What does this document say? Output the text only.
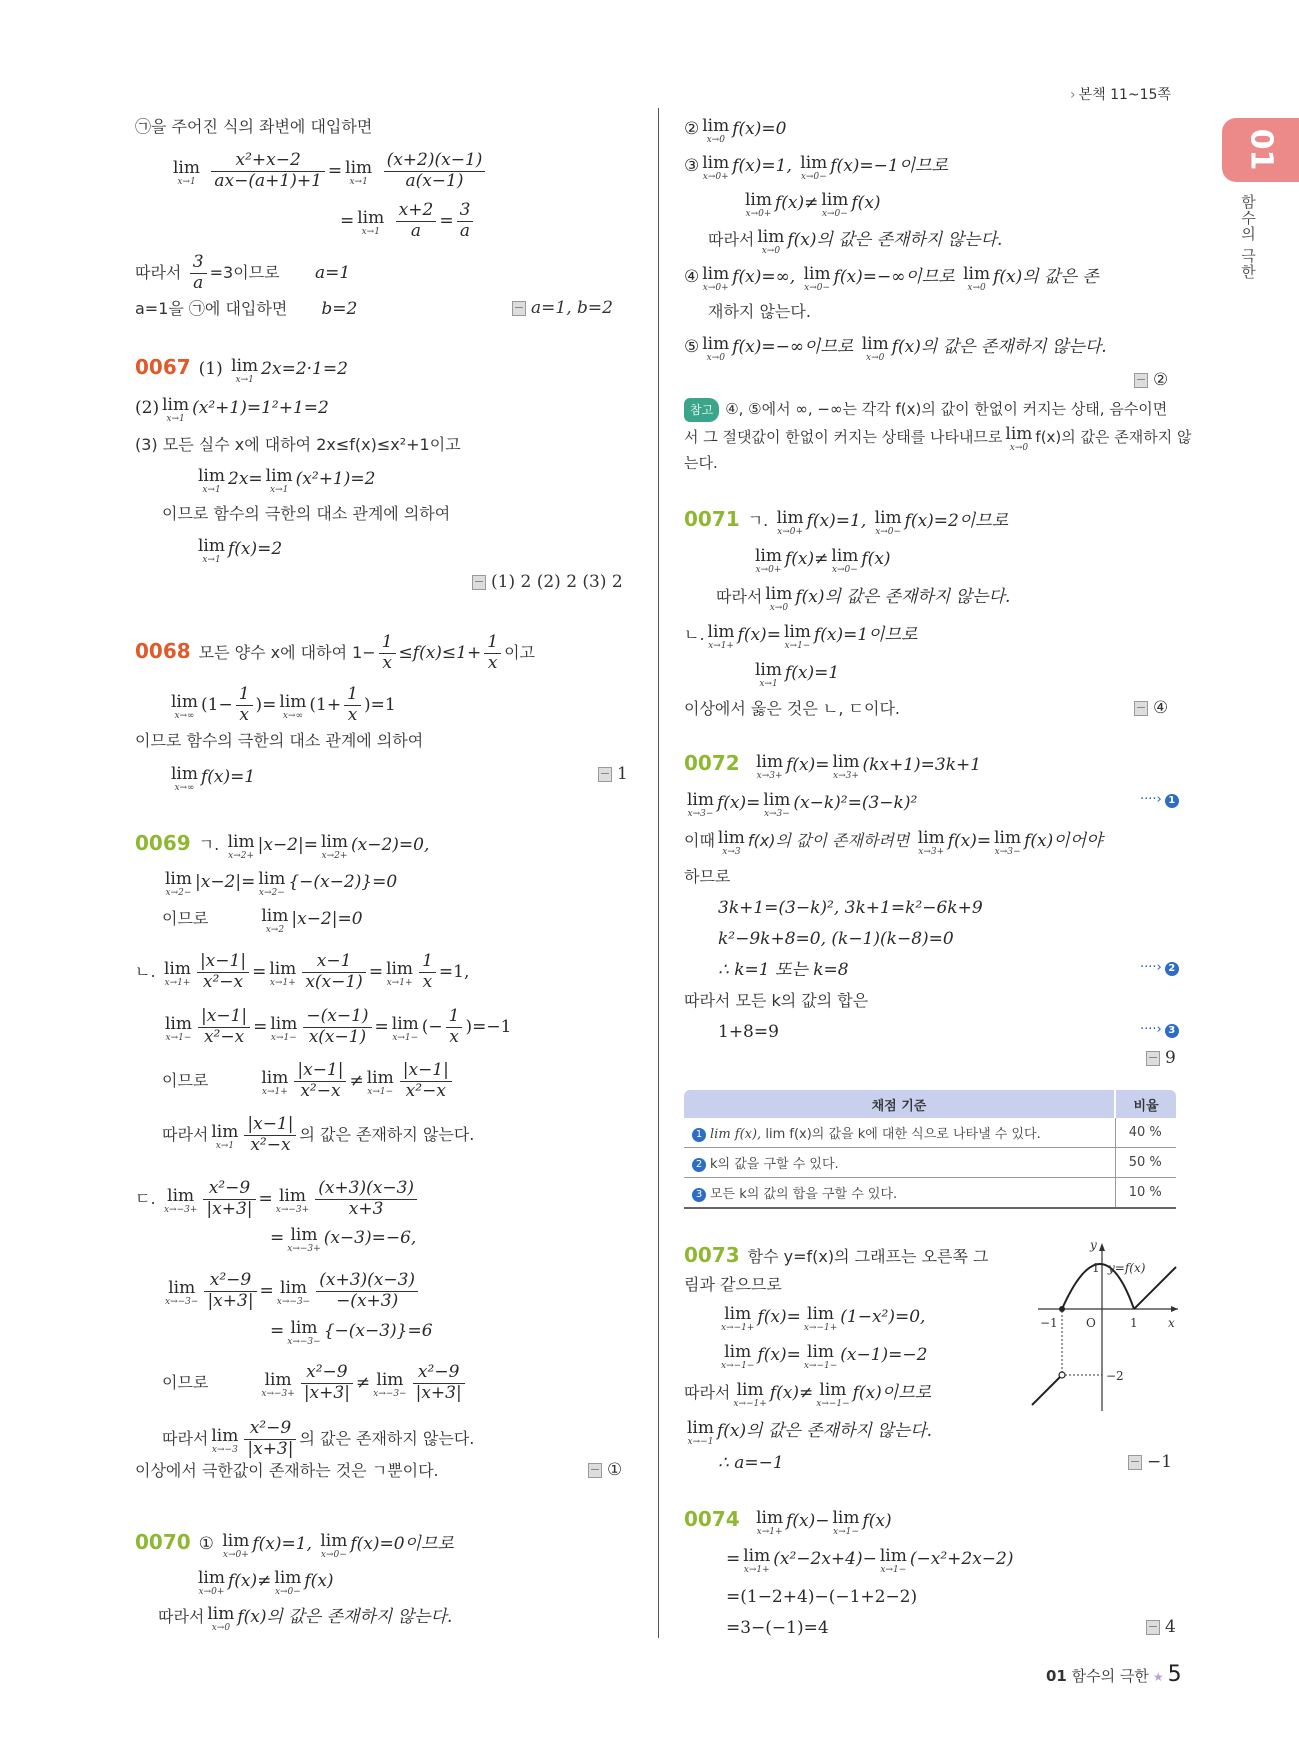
› 본책 11~15쪽
01
함수의 극한
㉠을 주어진 식의 좌변에 대입하면
lim
x→1
$\frac{\text{x²+x−2}}{ax-(a+1)+1} = \lim$
x→1
$\frac{(x+2)(x-1)}{a(x-1)}$
= lim
x→1
$\frac{x+2}{a} = \frac{3}{a}$
따라서 $\frac{3}{a} =3$이므로 a=1
a=1을 ㉠에 대입하면 b=2	a=1, b=2
0067 (1) lim
x→1
2x=2·1=2
(2) lim
x→1
(x²+1)=1²+1=2
(3) 모든 실수 x에 대하여 2x≤f(x)≤x²+1이고
lim
x→1
2x= lim
x→1
(x²+1)=2
이므로 함수의 극한의 대소 관계에 의하여
lim
x→1
f(x)=2
(1) 2 (2) 2 (3) 2
0068 모든 양수 x에 대하여 $1- \frac{1}{x} \le f(x)\le 1+ \frac{1}{x}$ 이고
lim
x→∞
($1- \frac{1}{x}$ )= lim
x→∞
$(1+ \frac{1}{x} )=1$
이므로 함수의 극한의 대소 관계에 의하여
lim
x→∞
f(x)=1	1
0069 ㄱ. lim
x→2+
|x−2|= lim
x→2+
(x−2)=0,
lim
x→2−
|x−2|= lim
x→2−
{−(x−2)}=0
이므로	lim
x→2
|x−2|=0
ㄴ. lim
$x\to 1+ \frac{|x-1|}{\text{x²−x}} = \lim$
$x\to 1+ \frac{x-1}{x(x-1)} = \lim$
$x\to 1+ \frac{1}{x} =1$,
lim
$x\to 1- \frac{|x-1|}{\text{x²−x}} = \lim$
$x\to 1- \frac{-(x-1)}{x(x-1)} = \lim$
x→1−
(− $\frac{1}{x} )=-1$
이므로	lim
$x\to 1+ \frac{|x-1|}{\text{x²−x}} \ne \lim$
$x\to 1- \frac{|x-1|}{\text{x²−x}}$
따라서 lim
$x\to 1 \frac{|x-1|}{\text{x²−x}}$ 의 값은 존재하지 않는다.
ㄷ. lim
$x\to-3+ \frac{\text{x²−9}}{|x+3|} = \lim$
$x\to-3+ \frac{(x+3)(x-3)}{x+3}$
= lim
x→−3+
(x−3)=−6,
lim
$x\to-3- \frac{\text{x²−9}}{|x+3|} = \lim$
$x\to-3- \frac{(x+3)(x-3)}{-(x+3)}$
= lim
x→−3−
{−(x−3)}=6
이므로	lim
$x\to-3+ \frac{\text{x²−9}}{|x+3|} \ne \lim$
$x\to-3- \frac{\text{x²−9}}{|x+3|}$
따라서 lim
$x\to-3 \frac{\text{x²−9}}{|x+3|}$ 의 값은 존재하지 않는다.
이상에서 극한값이 존재하는 것은 ㄱ뿐이다.	①
0070 ① lim
x→0+
f(x)=1, lim
x→0−
f(x)=0이므로
lim
x→0+
f(x)≠ lim
x→0−
f(x)
따라서 lim
x→0
f(x)의 값은 존재하지 않는다.
② lim
x→0
f(x)=0
③ lim
x→0+
f(x)=1, lim
x→0−
f(x)=−1이므로
lim
x→0+
f(x)≠ lim
x→0−
f(x)
따라서 lim
x→0
f(x)의 값은 존재하지 않는다.
④ lim
x→0+
f(x)=∞, lim
x→0−
f(x)=−∞이므로 lim
x→0
f(x)의 값은 존
재하지 않는다.
⑤ lim
x→0
f(x)=−∞이므로 lim
x→0
f(x)의 값은 존재하지 않는다.
②
참고 ④, ⑤에서 ∞, −∞는 각각 f(x)의 값이 한없이 커지는 상태, 음수이면
서 그 절댓값이 한없이 커지는 상태를 나타내므로 lim
x→0
f(x)의 값은 존재하지 않
는다.
0071 ㄱ. lim
x→0+
f(x)=1, lim
x→0−
f(x)=2이므로
lim
x→0+
f(x)≠ lim
x→0−
f(x)
따라서 lim
x→0
f(x)의 값은 존재하지 않는다.
ㄴ. lim
x→1+
f(x)= lim
x→1−
f(x)=1이므로
lim
x→1
f(x)=1
이상에서 옳은 것은 ㄴ, ㄷ이다.	④
0072 lim
x→3+
f(x)= lim
x→3+
(kx+1)=3k+1
lim
x→3−
f(x)= lim
x→3−
(x−k)²=(3−k)²	····› 1
이때 lim
x→3
f(x)의 값이 존재하려면 lim
x→3+
f(x)= lim
x→3−
f(x)이어야
하므로
3k+1=(3−k)², 3k+1=k²−6k+9
k²−9k+8=0, (k−1)(k−8)=0
∴ k=1 또는 k=8	····› 2
따라서 모든 k의 값의 합은
1+8=9	····› 3
9
채점 기준	비율
1 lim f(x), lim f(x)의 값을 k에 대한 식으로 나타낼 수 있다.	40 %
2 k의 값을 구할 수 있다.	50 %
3 모든 k의 값의 합을 구할 수 있다.	10 %
0073 함수 y=f(x)의 그래프는 오른쪽 그
림과 같으므로
lim
x→−1+
f(x)= lim
x→−1+
(1−x²)=0,
lim
x→−1−
f(x)= lim
x→−1−
(x−1)=−2
따라서 lim
x→−1+
f(x)≠ lim
x→−1−
f(x)이므로
lim
x→−1
f(x)의 값은 존재하지 않는다.
∴ a=−1	−1
y
x
O	1
−1
1
−2
y=f(x)
0074 lim
x→1+
f(x)− lim
x→1−
f(x)
= lim
x→1+
(x²−2x+4)− lim
x→1−
(−x²+2x−2)
=(1−2+4)−(−1+2−2)
=3−(−1)=4	4
01 함수의 극한 ★ 5
